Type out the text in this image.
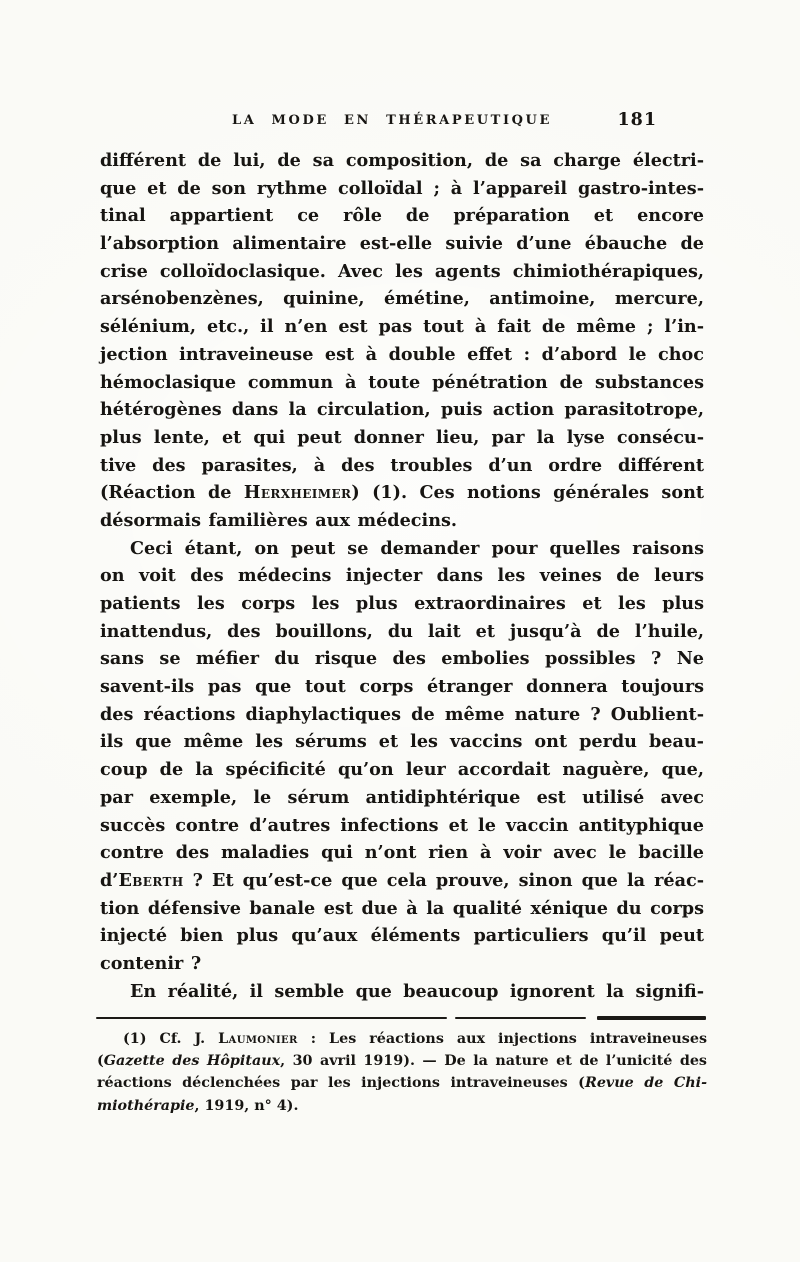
LA MODE EN THÉRAPEUTIQUE	181
différent de lui, de sa composition, de sa charge électri-
que et de son rythme colloïdal ; à l’appareil gastro-intes-
tinal appartient ce rôle de préparation et encore
l’absorption alimentaire est-elle suivie d’une ébauche de
crise colloïdoclasique. Avec les agents chimiothérapiques,
arsénobenzènes, quinine, émétine, antimoine, mercure,
sélénium, etc., il n’en est pas tout à fait de même ; l’in-
jection intraveineuse est à double effet : d’abord le choc
hémoclasique commun à toute pénétration de substances
hétérogènes dans la circulation, puis action parasitotrope,
plus lente, et qui peut donner lieu, par la lyse consécu-
tive des parasites, à des troubles d’un ordre différent
(Réaction de Herxheimer) (1). Ces notions générales sont
désormais familières aux médecins.
Ceci étant, on peut se demander pour quelles raisons
on voit des médecins injecter dans les veines de leurs
patients les corps les plus extraordinaires et les plus
inattendus, des bouillons, du lait et jusqu’à de l’huile,
sans se méfier du risque des embolies possibles ? Ne
savent-ils pas que tout corps étranger donnera toujours
des réactions diaphylactiques de même nature ? Oublient-
ils que même les sérums et les vaccins ont perdu beau-
coup de la spécificité qu’on leur accordait naguère, que,
par exemple, le sérum antidiphtérique est utilisé avec
succès contre d’autres infections et le vaccin antityphique
contre des maladies qui n’ont rien à voir avec le bacille
d’Eberth ? Et qu’est-ce que cela prouve, sinon que la réac-
tion défensive banale est due à la qualité xénique du corps
injecté bien plus qu’aux éléments particuliers qu’il peut
contenir ?
En réalité, il semble que beaucoup ignorent la signifi-
(1) Cf. J. Laumonier : Les réactions aux injections intraveineuses
(Gazette des Hôpitaux, 30 avril 1919). — De la nature et de l’unicité des
réactions déclenchées par les injections intraveineuses (Revue de Chi-
miothérapie, 1919, n° 4).
